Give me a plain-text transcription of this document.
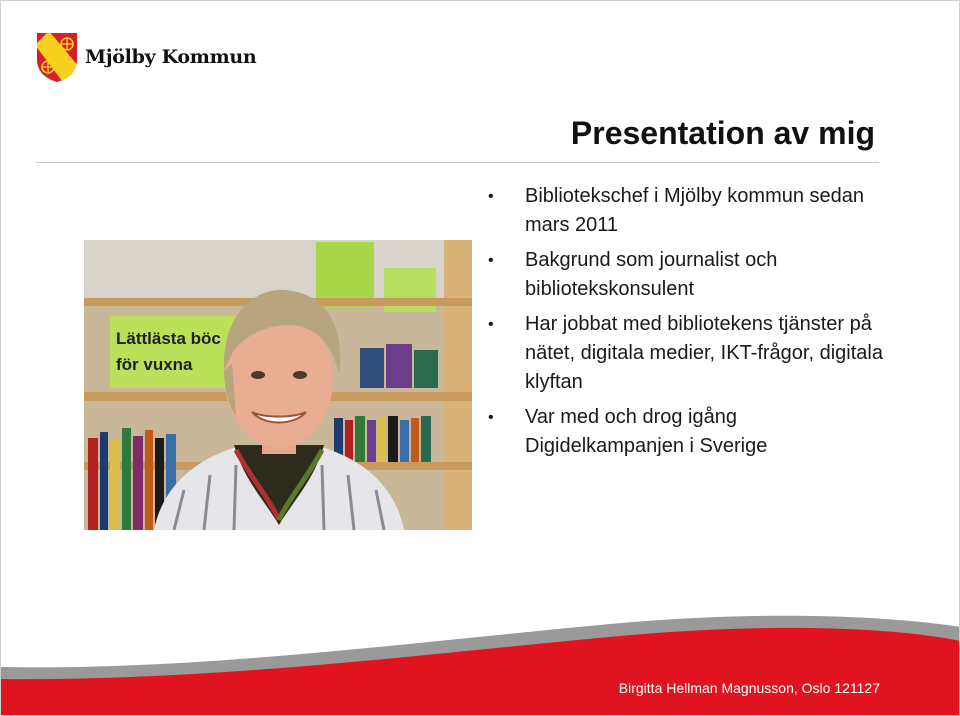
Mjölby Kommun
Presentation av mig
Lättlästa böc
för vuxna
• Bibliotekschef i Mjölby kommun sedan mars 2011
• Bakgrund som journalist och bibliotekskonsulent
• Har jobbat med bibliotekens tjänster på nätet, digitala medier, IKT-frågor, digitala klyftan
• Var med och drog igång Digidelkampanjen i Sverige
Birgitta Hellman Magnusson, Oslo 121127
